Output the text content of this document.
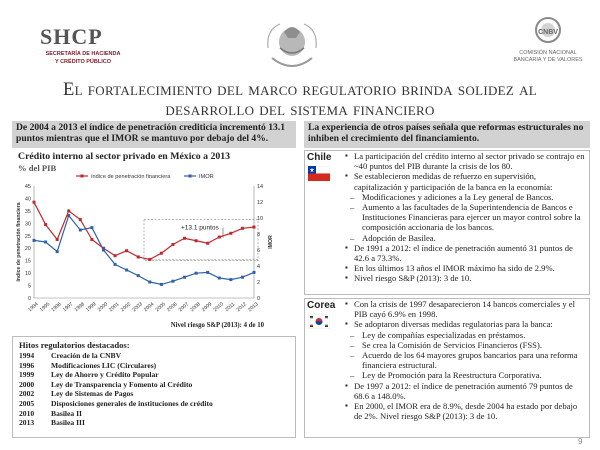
SHCP
SECRETARÍA DE HACIENDA
Y CRÉDITO PÚBLICO
CNBV
COMISIÓN NACIONAL
BANCARIA Y DE VALORES
El fortalecimiento del marco regulatorio brinda solidez al
desarrollo del sistema financiero
De 2004 a 2013 el índice de penetración crediticia incrementó 13.1 puntos mientras que el IMOR se mantuvo por debajo del 4%.
Crédito interno al sector privado en México a 2013
% del PIB
0
5
10
15
20
25
30
35
40
45
0
2
4
6
8
10
12
14
1994 1995 1996 1997 1998 1999 2000 2001 2002 2003 2004 2005 2006 2007 2008 2009 2010 2011 2012 2013
índice de penetración financiera	IMOR
+13.1 puntos
índice de penetración financiera	IMOR
Nivel riesgo S&P (2013): 4 de 10
Hitos regulatorios destacados:
1994	Creación de la CNBV
1996	Modificaciones LIC (Circulares)
1999	Ley de Ahorro y Crédito Popular
2000	Ley de Transparencia y Fomento al Crédito
2002	Ley de Sistemas de Pagos
2005	Disposiciones generales de instituciones de crédito
2010	Basilea II
2013	Basilea III
La experiencia de otros países señala que reformas estructurales no inhiben el crecimiento del financiamiento.
Chile	▪ La participación del crédito interno al sector privado se contrajo en ~40 puntos del PIB durante la crisis de los 80.
▪ Se establecieron medidas de refuerzo en supervisión, capitalización y participación de la banca en la economía:
– Modificaciones y adiciones a la Ley general de Bancos.
– Aumento a las facultades de la Superintendencia de Bancos e Instituciones Financieras para ejercer un mayor control sobre la composición accionaria de los bancos.
– Adopción de Basilea.
▪ De 1991 a 2012: el índice de penetración aumentó 31 puntos de 42.6 a 73.3%.
▪ En los últimos 13 años el IMOR máximo ha sido de 2.9%.
▪ Nivel riesgo S&P (2013): 3 de 10.
Corea	▪ Con la crisis de 1997 desaparecieron 14 bancos comerciales y el PIB cayó 6.9% en 1998.
▪ Se adoptaron diversas medidas regulatorias para la banca:
– Ley de compañías especializadas en préstamos.
– Se crea la Comisión de Servicios Financieros (FSS).
– Acuerdo de los 64 mayores grupos bancarios para una reforma financiera estructural.
– Ley de Promoción para la Reestructura Corporativa.
▪ De 1997 a 2012: el índice de penetración aumentó 79 puntos de 68.6 a 148.0%.
▪ En 2000, el IMOR era de 8.9%, desde 2004 ha estado por debajo de 2%. Nivel riesgo S&P (2013): 3 de 10.
9
